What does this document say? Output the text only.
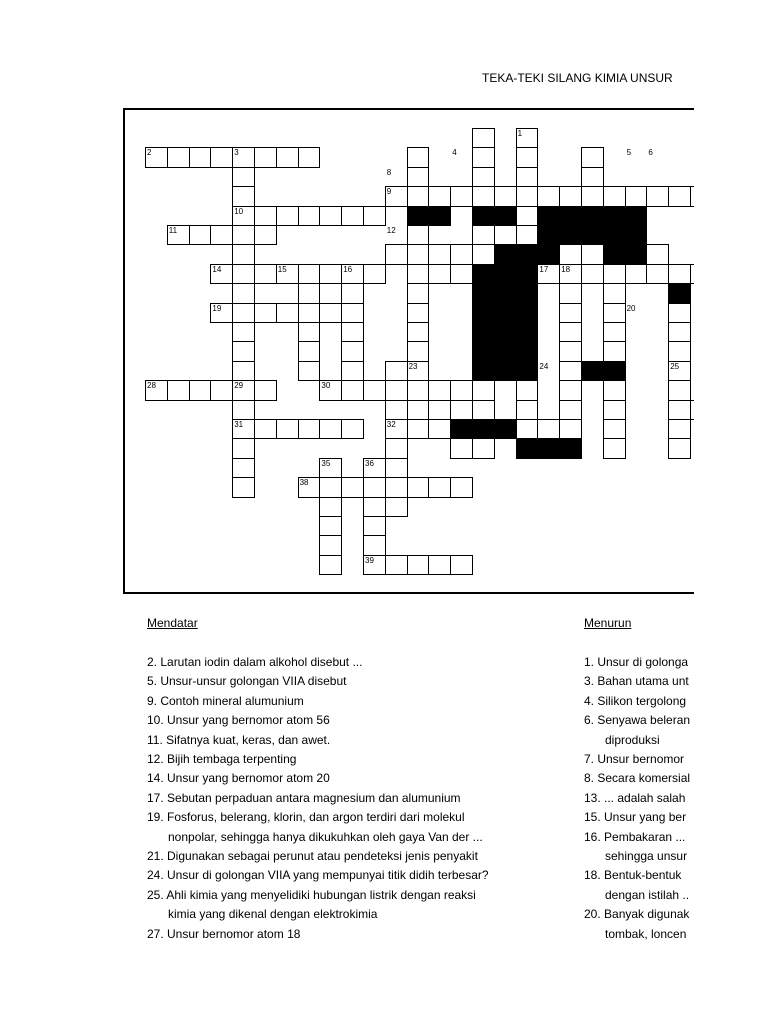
TEKA-TEKI SILANG KIMIA UNSUR
1
2	3	4	5 6
8
9
10
11	12
14	15	16	17 18
19	20
21
23	24	25
28	29	30
31	32
35	36
38
39
Mendatar	Menurun
2. Larutan iodin dalam alkohol disebut ...
5. Unsur-unsur golongan VIIA disebut
9. Contoh mineral alumunium
10. Unsur yang bernomor atom 56
11. Sifatnya kuat, keras, dan awet.
12. Bijih tembaga terpenting
14. Unsur yang bernomor atom 20
17. Sebutan perpaduan antara magnesium dan alumunium
19. Fosforus, belerang, klorin, dan argon terdiri dari molekul
nonpolar, sehingga hanya dikukuhkan oleh gaya Van der ...
21. Digunakan sebagai perunut atau pendeteksi jenis penyakit
24. Unsur di golongan VIIA yang mempunyai titik didih terbesar?
25. Ahli kimia yang menyelidiki hubungan listrik dengan reaksi
kimia yang dikenal dengan elektrokimia
27. Unsur bernomor atom 18
1. Unsur di golonga
3. Bahan utama unt
4. Silikon tergolong
6. Senyawa beleran
diproduksi
7. Unsur bernomor
8. Secara komersial
13. ... adalah salah
15. Unsur yang ber
16. Pembakaran ...
sehingga unsur
18. Bentuk-bentuk
dengan istilah ..
20. Banyak digunak
tombak, loncen
